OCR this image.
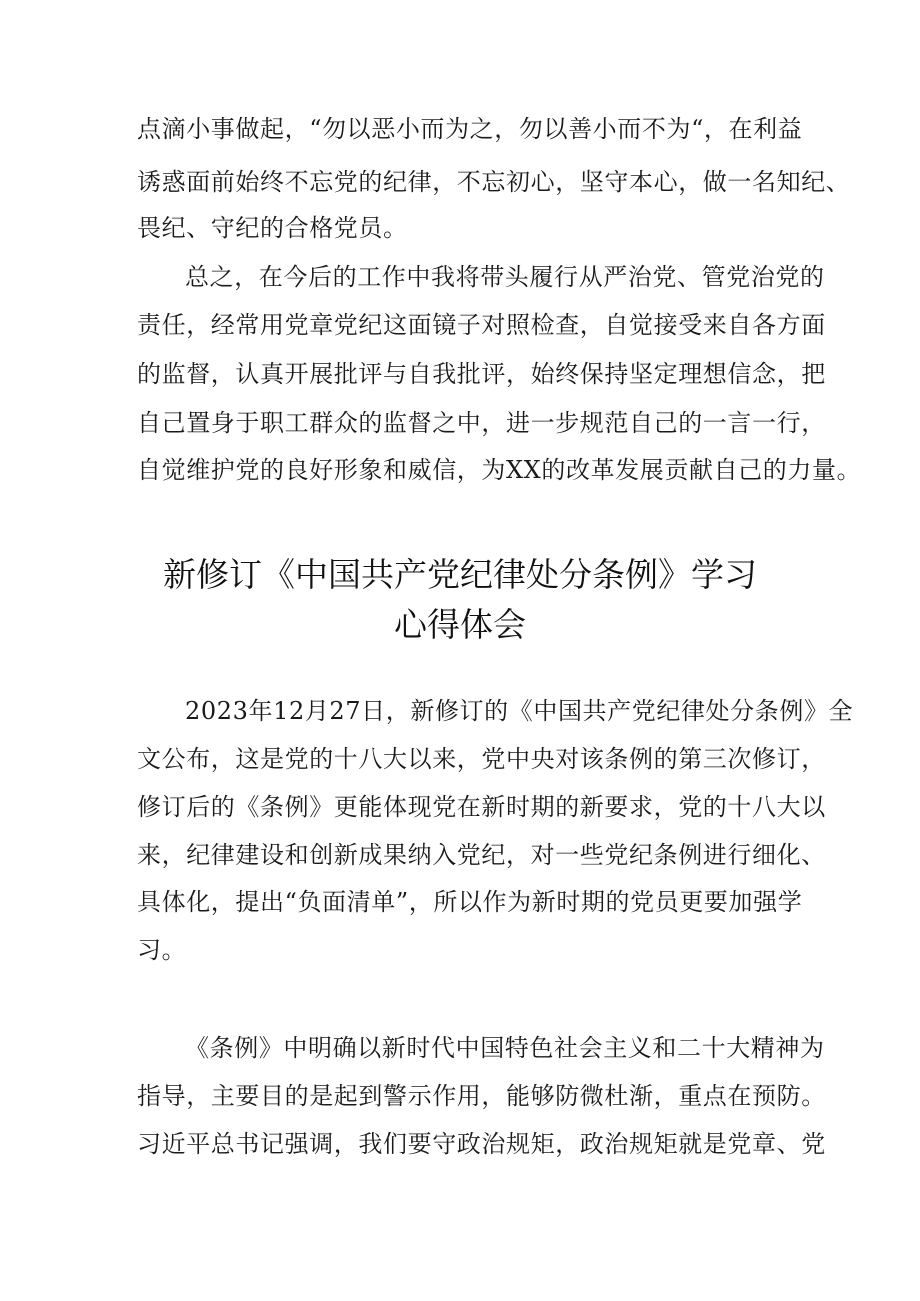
点滴小事做起，“勿以恶小而为之，勿以善小而不为“，在利益
诱惑面前始终不忘党的纪律，不忘初心，坚守本心，做一名知纪、
畏纪、守纪的合格党员。
总之，在今后的工作中我将带头履行从严治党、管党治党的
责任，经常用党章党纪这面镜子对照检查，自觉接受来自各方面
的监督，认真开展批评与自我批评，始终保持坚定理想信念，把
自己置身于职工群众的监督之中，进一步规范自己的一言一行，
自觉维护党的良好形象和威信，为XX的改革发展贡献自己的力量。
新修订《中国共产党纪律处分条例》学习
心得体会
2023年12月27日，新修订的《中国共产党纪律处分条例》全
文公布，这是党的十八大以来，党中央对该条例的第三次修订，
修订后的《条例》更能体现党在新时期的新要求，党的十八大以
来，纪律建设和创新成果纳入党纪，对一些党纪条例进行细化、
具体化，提出“负面清单”，所以作为新时期的党员更要加强学
习。
《条例》中明确以新时代中国特色社会主义和二十大精神为
指导，主要目的是起到警示作用，能够防微杜渐，重点在预防。
习近平总书记强调，我们要守政治规矩，政治规矩就是党章、党
